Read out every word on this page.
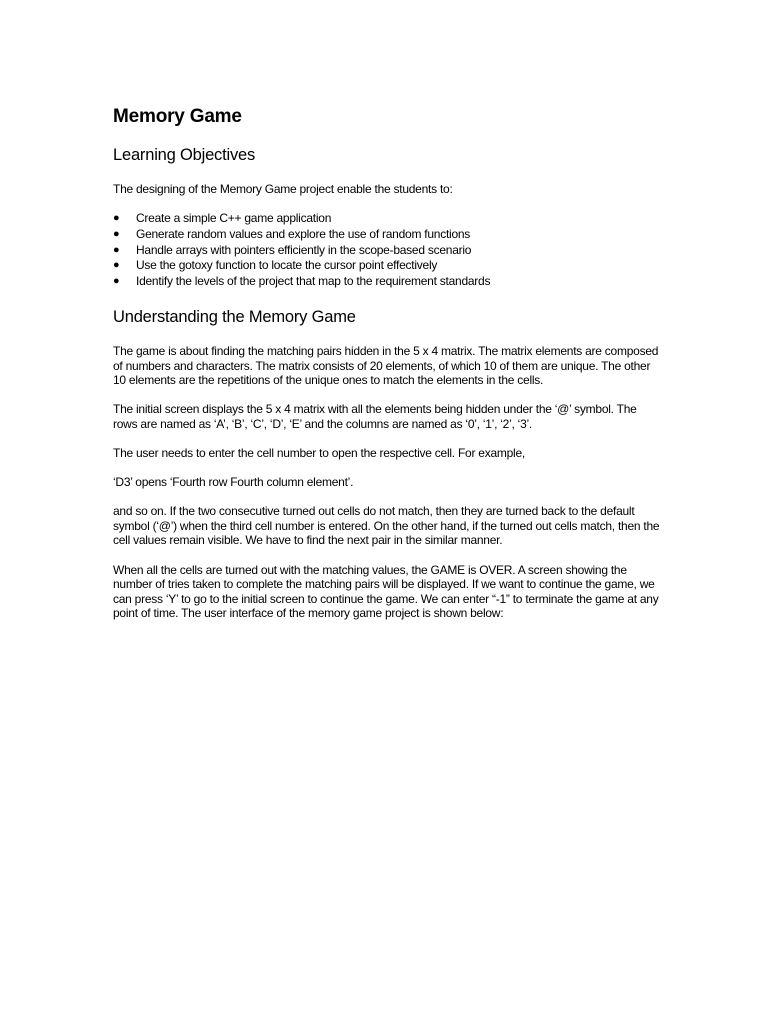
Memory Game
Learning Objectives

The designing of the Memory Game project enable the students to:

● Create a simple C++ game application
● Generate random values and explore the use of random functions
● Handle arrays with pointers efficiently in the scope-based scenario
● Use the gotoxy function to locate the cursor point effectively
● Identify the levels of the project that map to the requirement standards
Understanding the Memory Game

The game is about finding the matching pairs hidden in the 5 x 4 matrix. The matrix elements are composed of numbers and characters. The matrix consists of 20 elements, of which 10 of them are unique. The other 10 elements are the repetitions of the unique ones to match the elements in the cells.

The initial screen displays the 5 x 4 matrix with all the elements being hidden under the ‘@’ symbol. The rows are named as ‘A’, ‘B’, ‘C’, ‘D’, ‘E’ and the columns are named as ‘0’, ‘1’, ‘2’, ‘3’.

The user needs to enter the cell number to open the respective cell. For example,

‘D3’ opens ‘Fourth row Fourth column element’.

and so on. If the two consecutive turned out cells do not match, then they are turned back to the default symbol (‘@’) when the third cell number is entered. On the other hand, if the turned out cells match, then the cell values remain visible. We have to find the next pair in the similar manner.

When all the cells are turned out with the matching values, the GAME is OVER. A screen showing the number of tries taken to complete the matching pairs will be displayed. If we want to continue the game, we can press ‘Y’ to go to the initial screen to continue the game. We can enter “-1” to terminate the game at any point of time. The user interface of the memory game project is shown below:
